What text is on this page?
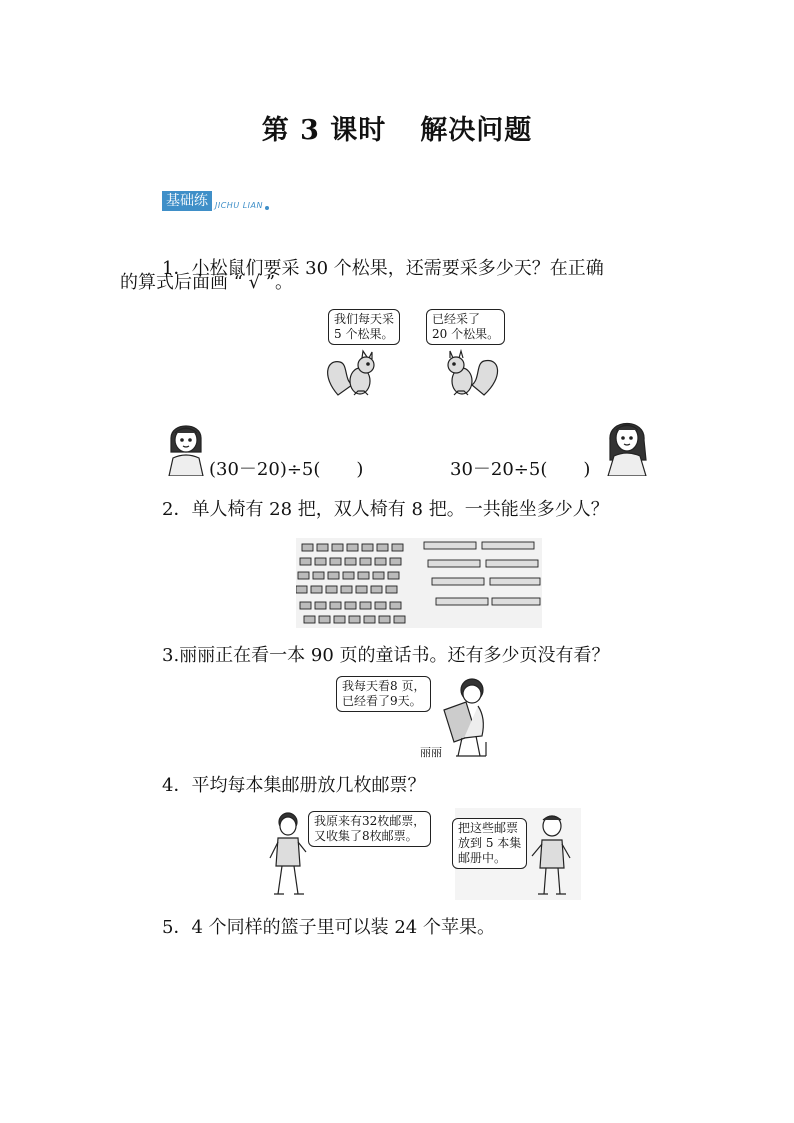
第 3 课时 解决问题
基础练 JICHU LIAN
1．小松鼠们要采 30 个松果，还需要采多少天？在正确
的算式后面画 “ √ ”。
我们每天采
5 个松果。
已经采了
20 个松果。
(30－20)÷5(　　)	30－20÷5(　　)
2．单人椅有 28 把，双人椅有 8 把。一共能坐多少人？
3.丽丽正在看一本 90 页的童话书。还有多少页没有看？
我每天看8 页，
已经看了9天。
丽丽
4．平均每本集邮册放几枚邮票？
我原来有32枚邮票，
又收集了8枚邮票。
把这些邮票
放到 5 本集
邮册中。
5．4 个同样的篮子里可以装 24 个苹果。
